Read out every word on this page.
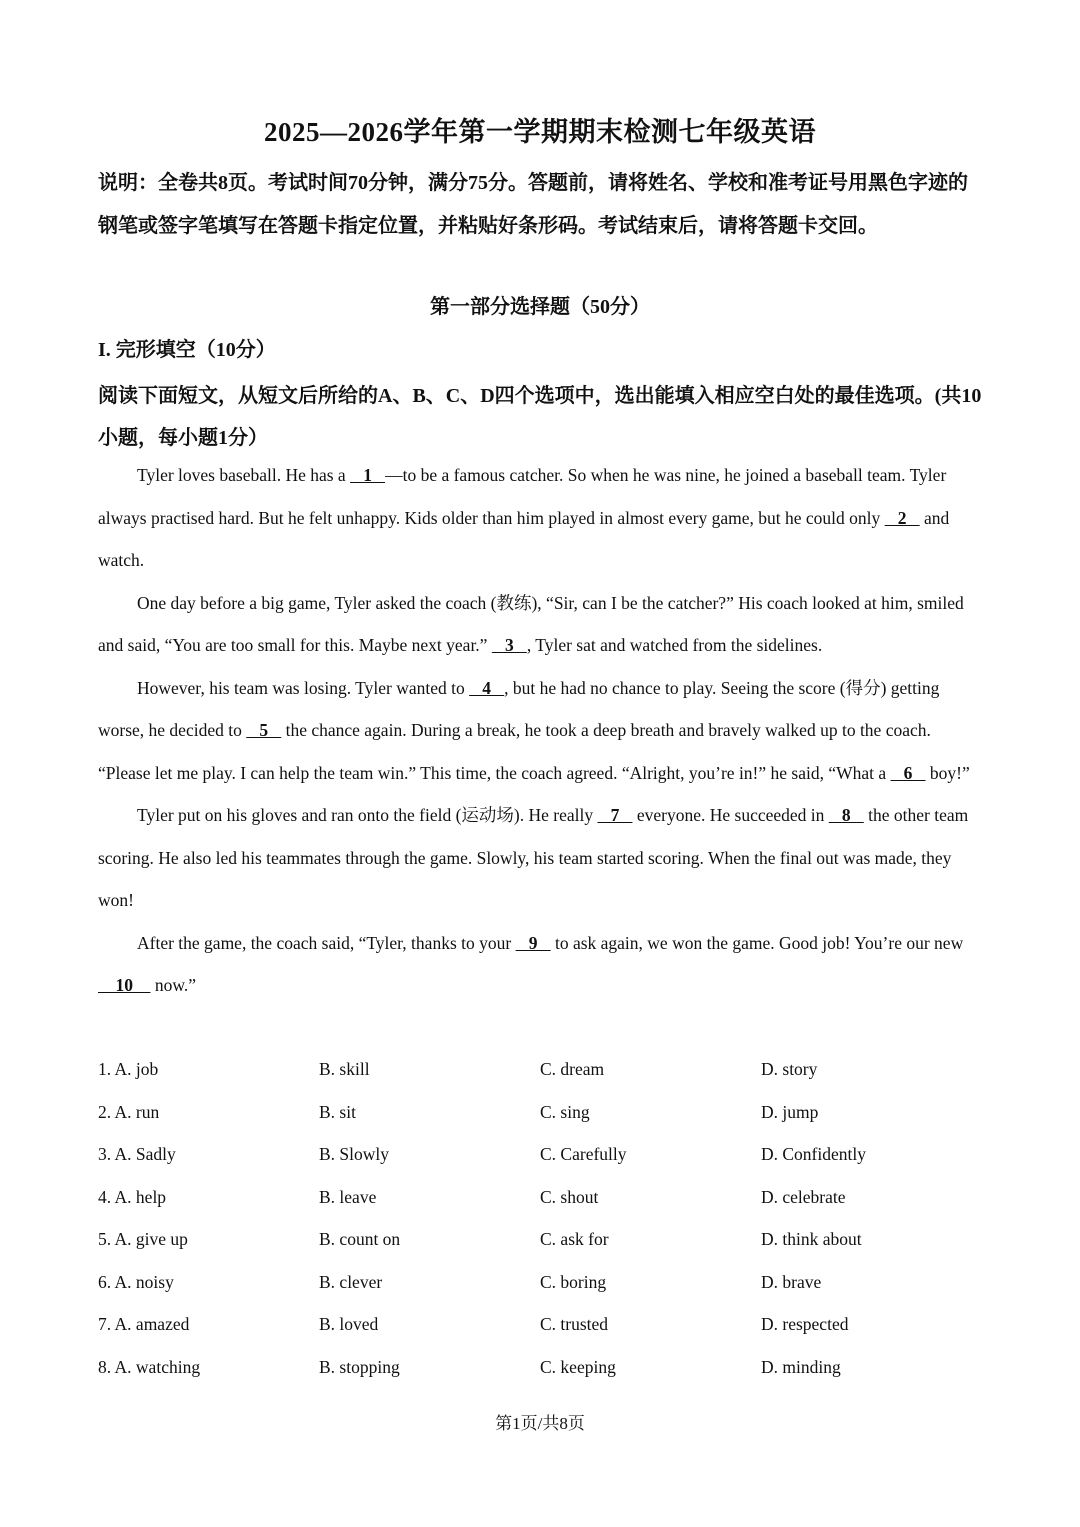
2025—2026学年第一学期期末检测七年级英语
说明：全卷共8页。考试时间70分钟，满分75分。答题前，请将姓名、学校和准考证号用黑色字迹的钢笔或签字笔填写在答题卡指定位置，并粘贴好条形码。考试结束后，请将答题卡交回。
第一部分选择题（50分）
I. 完形填空（10分）
阅读下面短文，从短文后所给的A、B、C、D四个选项中，选出能填入相应空白处的最佳选项。(共10小题，每小题1分）

Tyler loves baseball. He has a    1   —to be a famous catcher. So when he was nine, he joined a baseball team. Tyler always practised hard. But he felt unhappy. Kids older than him played in almost every game, but he could only    2    and watch.

One day before a big game, Tyler asked the coach (教练), “Sir, can I be the catcher?” His coach looked at him, smiled and said, “You are too small for this. Maybe next year.”    3   , Tyler sat and watched from the sidelines.

However, his team was losing. Tyler wanted to    4   , but he had no chance to play. Seeing the score (得分) getting worse, he decided to    5    the chance again. During a break, he took a deep breath and bravely walked up to the coach. “Please let me play. I can help the team win.” This time, the coach agreed. “Alright, you’re in!” he said, “What a    6    boy!”

Tyler put on his gloves and ran onto the field (运动场). He really    7    everyone. He succeeded in    8    the other team scoring. He also led his teammates through the game. Slowly, his team started scoring. When the final out was made, they won!

After the game, the coach said, “Tyler, thanks to your    9    to ask again, we won the game. Good job! You’re our new     10     now.”

1. A. job	B. skill	C. dream	D. story
2. A. run	B. sit	C. sing	D. jump
3. A. Sadly	B. Slowly	C. Carefully	D. Confidently
4. A. help	B. leave	C. shout	D. celebrate
5. A. give up	B. count on	C. ask for	D. think about
6. A. noisy	B. clever	C. boring	D. brave
7. A. amazed	B. loved	C. trusted	D. respected
8. A. watching	B. stopping	C. keeping	D. minding
第1页/共8页
